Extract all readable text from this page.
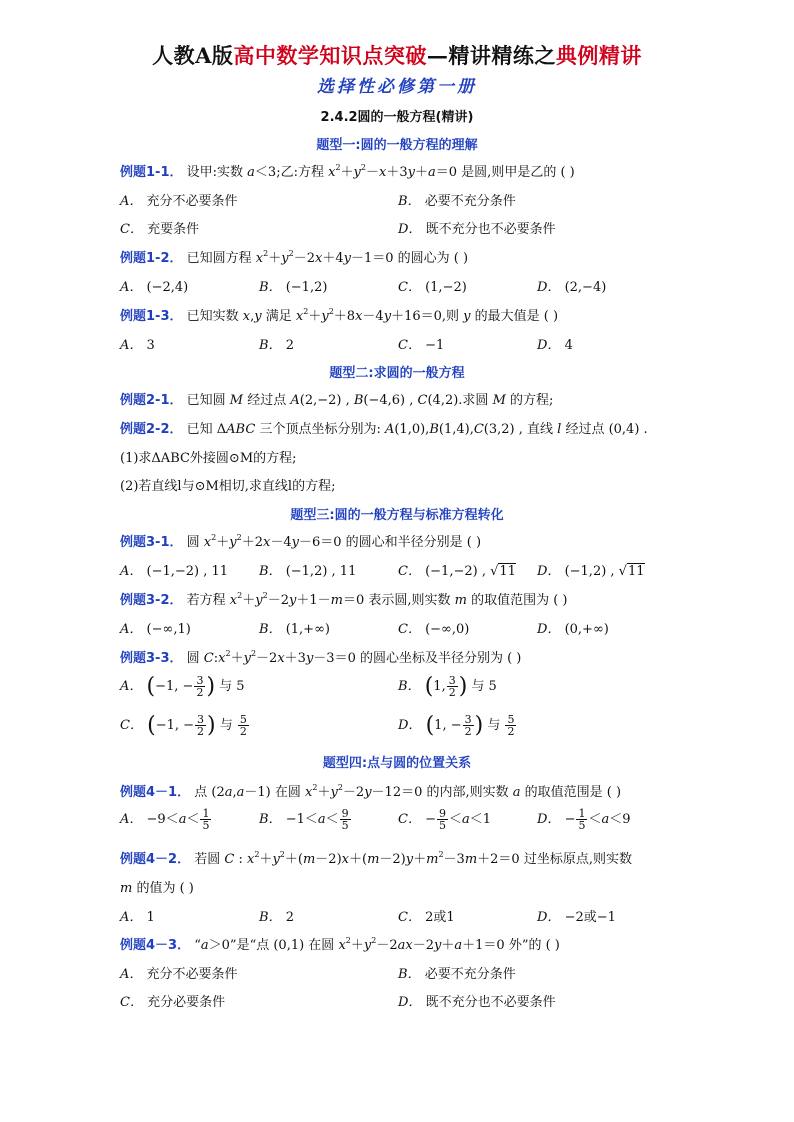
人教A版高中数学知识点突破—精讲精练之典例精讲
选择性必修第一册
2.4.2圆的一般方程(精讲)
题型一:圆的一般方程的理解
例题1-1． 设甲:实数 a＜3;乙:方程 $x^2+y^2-x+3y+a=0$ 是圆,则甲是乙的 ( )
A． 充分不必要条件	B． 必要不充分条件
C． 充要条件	D． 既不充分也不必要条件
例题1-2． 已知圆方程 $x^2+y^2-2x+4y-1=0$ 的圆心为 ( )
A． (−2,4)	B． (−1,2)	C． (1,−2)	D． (2,−4)
例题1-3． 已知实数 x,y 满足 $x^2+y^2+8x-4y+16=0$,则 y 的最大值是 ( )
A． 3	B． 2	C． −1	D． 4
题型二:求圆的一般方程
例题2-1． 已知圆 M 经过点 A(2,−2) , B(−4,6) , C(4,2).求圆 M 的方程;
例题2-2． 已知 ΔABC 三个顶点坐标分别为: A(1,0),B(1,4),C(3,2) , 直线 l 经过点 (0,4) .
(1)求ΔABC外接圆⊙M的方程;
(2)若直线l与⊙M相切,求直线l的方程;
题型三:圆的一般方程与标准方程转化
例题3-1． 圆 $x^2+y^2+2x-4y-6=0$ 的圆心和半径分别是 ( )
A． (−1,−2) , 11 B． (−1,2) , 11	C． (−1,−2) , √11 D． (−1,2) , √11
例题3-2． 若方程 $x^2+y^2-2y+1-m=0$ 表示圆,则实数 m 的取值范围为 ( )
A． (−∞,1)	B． (1,+∞)	C． (−∞,0)	D． (0,+∞)
例题3-3． 圆 $C:x^2+y^2-2x+3y-3=0$ 的圆心坐标及半径分别为 ( )
A． (−1, − $\frac{3}{2}$ ) 与 5	B． (1, $\frac{3}{2}$ ) 与 5
C． (−1, − $\frac{3}{2}$ ) 与 $\frac{5}{2}$	D． (1, − $\frac{3}{2}$ ) 与 $\frac{5}{2}$
题型四:点与圆的位置关系
例题4－1． 点 (2a,a－1) 在圆 $x^2+y^2-2y-12=0$ 的内部,则实数 a 的取值范围是 ( )
A． $-9<a< \frac{1}{5}$	B． $-1<a< \frac{9}{5}$	C． − $\frac{9}{5} <a<1$	D． − $\frac{1}{5} <a<9$
例题4－2． 若圆 C : $x^2+y^2+(m-2)x+(m-2)y+m^2-3m+2=0$ 过坐标原点,则实数
m 的值为 ( )
A． 1	B． 2	C． 2或1	D． −2或−1
例题4－3． “a＞0”是“点 (0,1) 在圆 $x^2+y^2-2ax-2y+a+1=0$ 外”的 ( )
A． 充分不必要条件	B． 必要不充分条件
C． 充分必要条件	D． 既不充分也不必要条件
